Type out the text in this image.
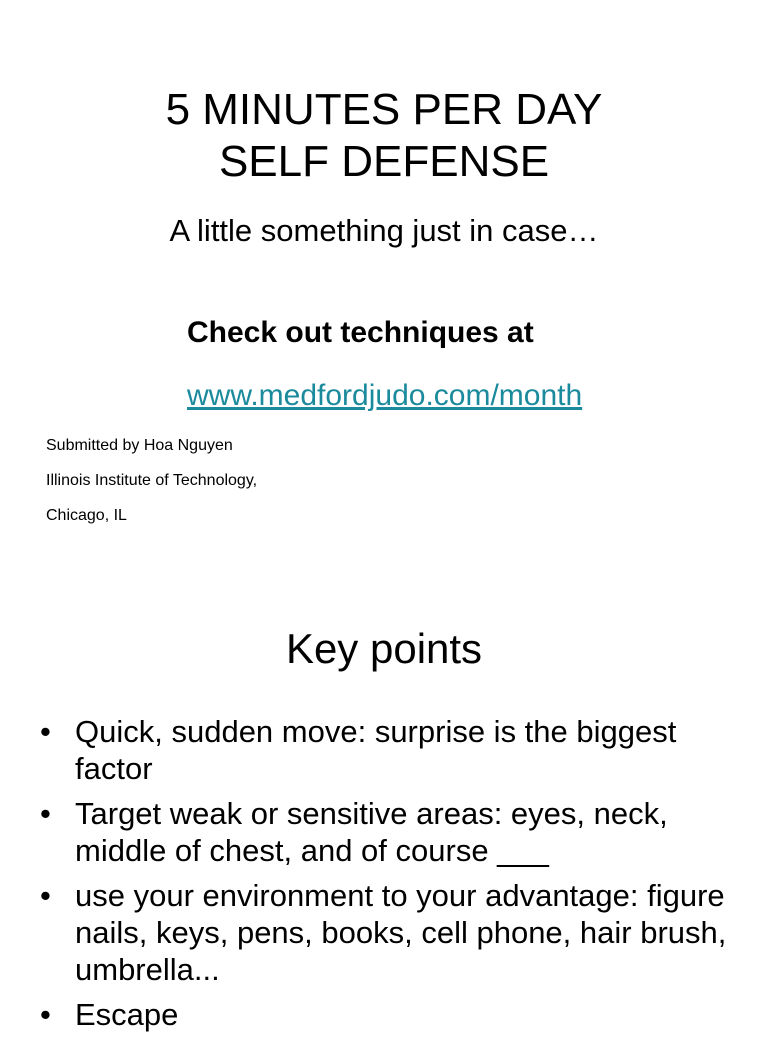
5 MINUTES PER DAY
SELF DEFENSE
A little something just in case…
Check out techniques at
www.medfordjudo.com/month
Submitted by Hoa Nguyen
Illinois Institute of Technology,
Chicago, IL
Key points
• Quick, sudden move: surprise is the biggest factor
• Target weak or sensitive areas: eyes, neck, middle of chest, and of course ___
• use your environment to your advantage: figure nails, keys, pens, books, cell phone, hair brush, umbrella...
• Escape
